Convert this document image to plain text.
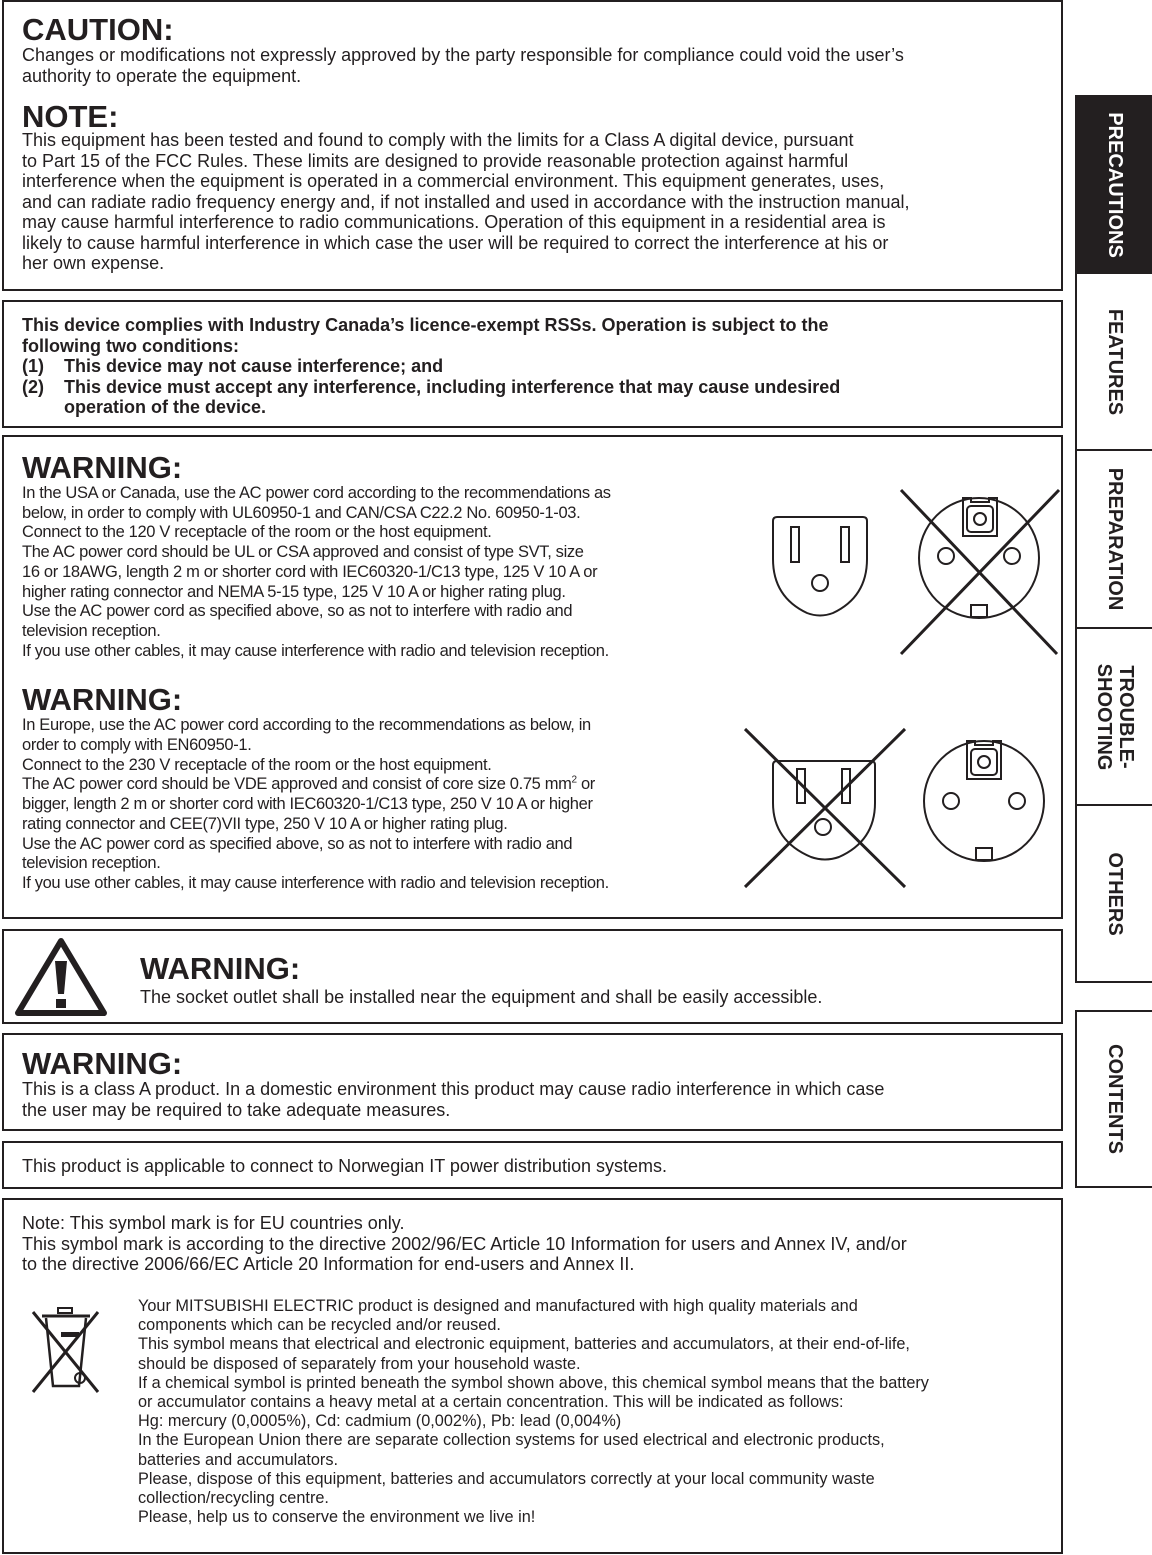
CAUTION:

Changes or modifications not expressly approved by the party responsible for compliance could void the user’s

authority to operate the equipment.

NOTE:

This equipment has been tested and found to comply with the limits for a Class A digital device, pursuant

to Part 15 of the FCC Rules. These limits are designed to provide reasonable protection against harmful

interference when the equipment is operated in a commercial environment. This equipment generates, uses,

and can radiate radio frequency energy and, if not installed and used in accordance with the instruction manual,

may cause harmful interference to radio communications. Operation of this equipment in a residential area is

likely to cause harmful interference in which case the user will be required to correct the interference at his or

her own expense.

This device complies with Industry Canada’s licence-exempt RSSs. Operation is subject to the

following two conditions:

(1)	This device may not cause interference; and
(2)	This device must accept any interference, including interference that may cause undesired

operation of the device.

WARNING:

In the USA or Canada, use the AC power cord according to the recommendations as

below, in order to comply with UL60950-1 and CAN/CSA C22.2 No. 60950-1-03.

Connect to the 120 V receptacle of the room or the host equipment.

The AC power cord should be UL or CSA approved and consist of type SVT, size

16 or 18AWG, length 2 m or shorter cord with IEC60320-1/C13 type, 125 V 10 A or

higher rating connector and NEMA 5-15 type, 125 V 10 A or higher rating plug.

Use the AC power cord as specified above, so as not to interfere with radio and

television reception.

If you use other cables, it may cause interference with radio and television reception.

WARNING:

In Europe, use the AC power cord according to the recommendations as below, in

order to comply with EN60950-1.

Connect to the 230 V receptacle of the room or the host equipment.

The AC power cord should be VDE approved and consist of core size 0.75 $mm^2$ or

bigger, length 2 m or shorter cord with IEC60320-1/C13 type, 250 V 10 A or higher

rating connector and CEE(7)VII type, 250 V 10 A or higher rating plug.

Use the AC power cord as specified above, so as not to interfere with radio and

television reception.

If you use other cables, it may cause interference with radio and television reception.

WARNING:

The socket outlet shall be installed near the equipment and shall be easily accessible.

WARNING:

This is a class A product. In a domestic environment this product may cause radio interference in which case

the user may be required to take adequate measures.

This product is applicable to connect to Norwegian IT power distribution systems.

Note: This symbol mark is for EU countries only.

This symbol mark is according to the directive 2002/96/EC Article 10 Information for users and Annex IV, and/or

to the directive 2006/66/EC Article 20 Information for end-users and Annex II.

Your MITSUBISHI ELECTRIC product is designed and manufactured with high quality materials and

components which can be recycled and/or reused.

This symbol means that electrical and electronic equipment, batteries and accumulators, at their end-of-life,

should be disposed of separately from your household waste.

If a chemical symbol is printed beneath the symbol shown above, this chemical symbol means that the battery

or accumulator contains a heavy metal at a certain concentration. This will be indicated as follows:

Hg: mercury (0,0005%), Cd: cadmium (0,002%), Pb: lead (0,004%)

In the European Union there are separate collection systems for used electrical and electronic products,

batteries and accumulators.

Please, dispose of this equipment, batteries and accumulators correctly at your local community waste

collection/recycling centre.

Please, help us to conserve the environment we live in!

PRECAUTIONS
FEATURES
PREPARATION
TROUBLE-
SHOOTING
OTHERS
CONTENTS
